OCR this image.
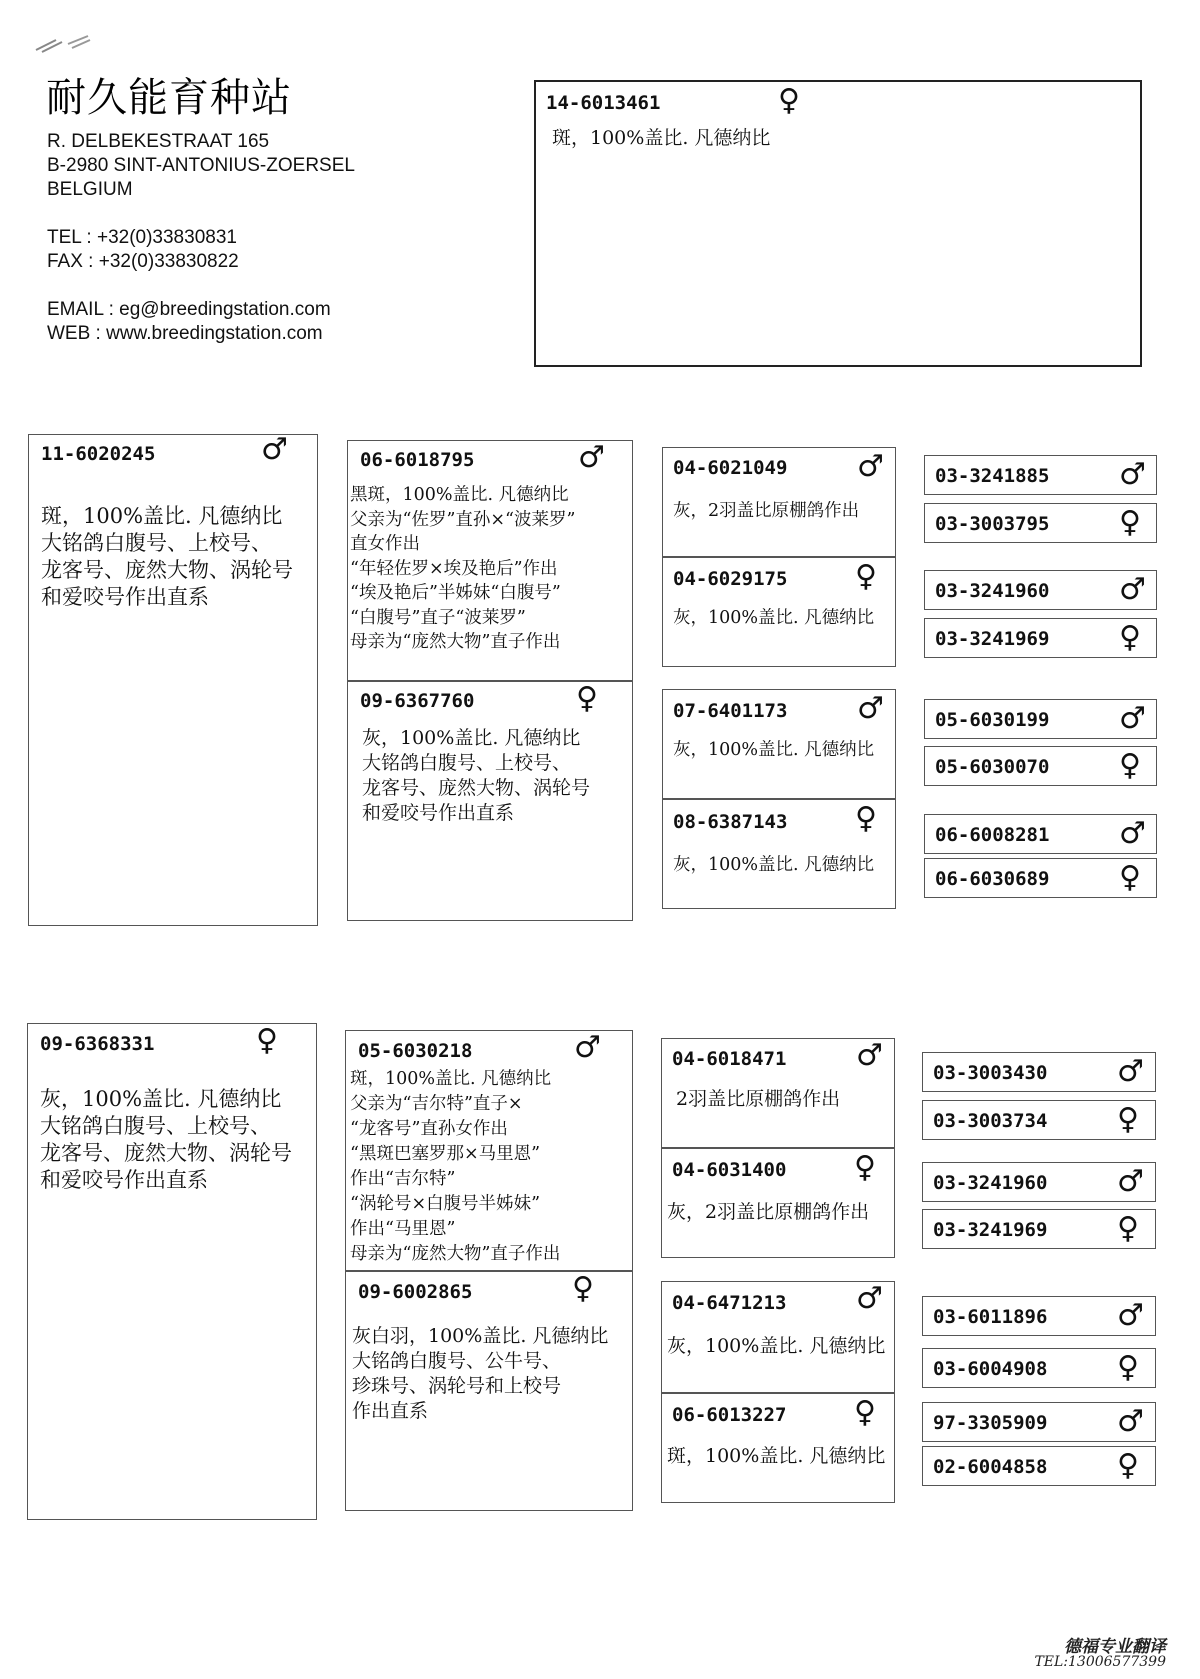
耐久能育种站
R. DELBEKESTRAAT 165
B-2980 SINT-ANTONIUS-ZOERSEL
BELGIUM
TEL : +32(0)33830831
FAX : +32(0)33830822
EMAIL : eg@breedingstation.com
WEB : www.breedingstation.com
14-6013461	♀
斑，100%盖比. 凡德纳比
11-6020245	♂
斑，100%盖比. 凡德纳比
大铭鸽白腹号、上校号、
龙客号、庞然大物、涡轮号
和爱咬号作出直系
06-6018795	♂
黑斑，100%盖比. 凡德纳比
父亲为“佐罗”直孙×“波莱罗”
直女作出
“年轻佐罗×埃及艳后”作出
“埃及艳后”半姊妹“白腹号”
“白腹号”直子“波莱罗”
母亲为“庞然大物”直子作出
09-6367760	♀
灰，100%盖比. 凡德纳比
大铭鸽白腹号、上校号、
龙客号、庞然大物、涡轮号
和爱咬号作出直系
04-6021049 ♂
灰，2羽盖比原棚鸽作出
04-6029175 ♀
灰，100%盖比. 凡德纳比
07-6401173 ♂
灰，100%盖比. 凡德纳比
08-6387143 ♀
灰，100%盖比. 凡德纳比
03-3241885 ♂
03-3003795 ♀
03-3241960 ♂
03-3241969 ♀
05-6030199 ♂
05-6030070 ♀
06-6008281 ♂
06-6030689 ♀
09-6368331	♀
灰，100%盖比. 凡德纳比
大铭鸽白腹号、上校号、
龙客号、庞然大物、涡轮号
和爱咬号作出直系
05-6030218	♂
斑，100%盖比. 凡德纳比
父亲为“吉尔特”直子×
“龙客号”直孙女作出
“黑斑巴塞罗那×马里恩”
作出“吉尔特”
“涡轮号×白腹号半姊妹”
作出“马里恩”
母亲为“庞然大物”直子作出
09-6002865	♀
灰白羽，100%盖比. 凡德纳比
大铭鸽白腹号、公牛号、
珍珠号、涡轮号和上校号
作出直系
04-6018471 ♂
2羽盖比原棚鸽作出
04-6031400 ♀
灰，2羽盖比原棚鸽作出
04-6471213 ♂
灰，100%盖比. 凡德纳比
06-6013227 ♀
斑，100%盖比. 凡德纳比
03-3003430 ♂
03-3003734 ♀
03-3241960 ♂
03-3241969 ♀
03-6011896 ♂
03-6004908 ♀
97-3305909 ♂
02-6004858 ♀
德福专业翻译
TEL:13006577399
